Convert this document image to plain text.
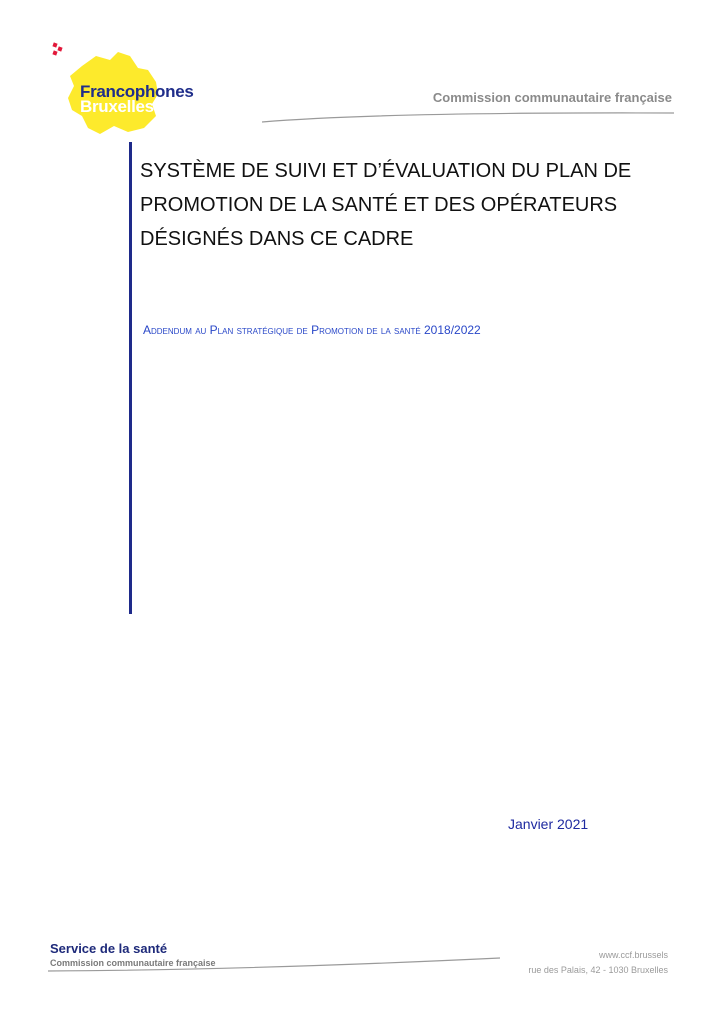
Francophones
Bruxelles	Commission communautaire française
SYSTÈME DE SUIVI ET D’ÉVALUATION DU PLAN DE
PROMOTION DE LA SANTÉ ET DES OPÉRATEURS
DÉSIGNÉS DANS CE CADRE
Addendum au Plan stratégique de Promotion de la santé 2018/2022
Janvier 2021
Service de la santé
Commission communautaire française
www.ccf.brussels
rue des Palais, 42 - 1030 Bruxelles
